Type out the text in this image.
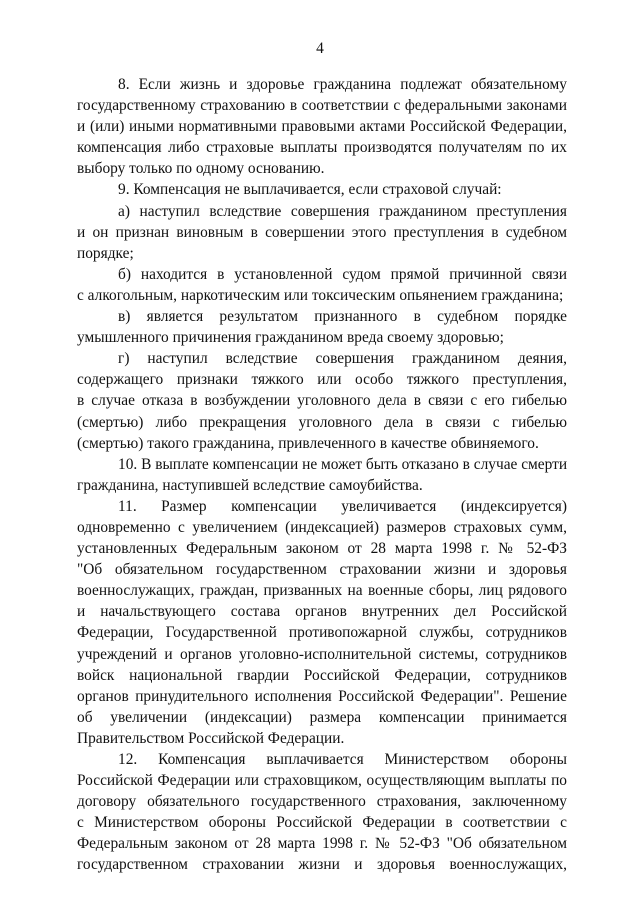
4
8. Если жизнь и здоровье гражданина подлежат обязательному
государственному страхованию в соответствии с федеральными законами
и (или) иными нормативными правовыми актами Российской Федерации,
компенсация либо страховые выплаты производятся получателям по их
выбору только по одному основанию.
9. Компенсация не выплачивается, если страховой случай:
а) наступил вследствие совершения гражданином преступления
и он признан виновным в совершении этого преступления в судебном
порядке;
б) находится в установленной судом прямой причинной связи
с алкогольным, наркотическим или токсическим опьянением гражданина;
в) является результатом признанного в судебном порядке
умышленного причинения гражданином вреда своему здоровью;
г) наступил вследствие совершения гражданином деяния,
содержащего признаки тяжкого или особо тяжкого преступления,
в случае отказа в возбуждении уголовного дела в связи с его гибелью
(смертью) либо прекращения уголовного дела в связи с гибелью
(смертью) такого гражданина, привлеченного в качестве обвиняемого.
10. В выплате компенсации не может быть отказано в случае смерти
гражданина, наступившей вследствие самоубийства.
11. Размер компенсации увеличивается (индексируется)
одновременно с увеличением (индексацией) размеров страховых сумм,
установленных Федеральным законом от 28 марта 1998 г. № 52-ФЗ
"Об обязательном государственном страховании жизни и здоровья
военнослужащих, граждан, призванных на военные сборы, лиц рядового
и начальствующего состава органов внутренних дел Российской
Федерации, Государственной противопожарной службы, сотрудников
учреждений и органов уголовно-исполнительной системы, сотрудников
войск национальной гвардии Российской Федерации, сотрудников
органов принудительного исполнения Российской Федерации". Решение
об увеличении (индексации) размера компенсации принимается
Правительством Российской Федерации.
12. Компенсация выплачивается Министерством обороны
Российской Федерации или страховщиком, осуществляющим выплаты по
договору обязательного государственного страхования, заключенному
с Министерством обороны Российской Федерации в соответствии с
Федеральным законом от 28 марта 1998 г. № 52-ФЗ "Об обязательном
государственном страховании жизни и здоровья военнослужащих,
